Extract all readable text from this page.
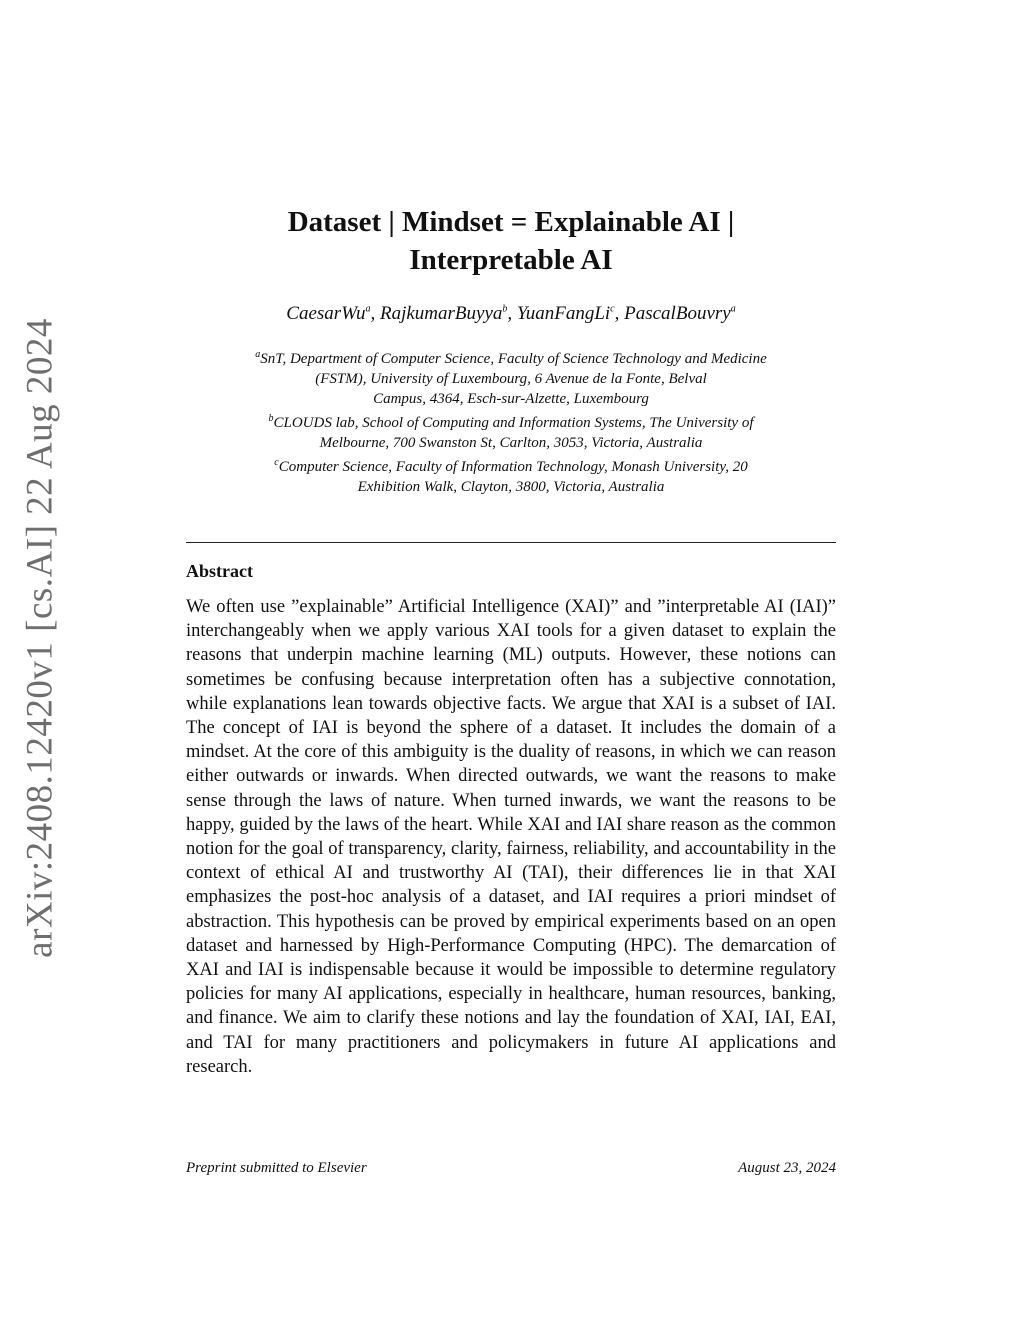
arXiv:2408.12420v1 [cs.AI] 22 Aug 2024
Dataset | Mindset = Explainable AI |
Interpretable AI
CaesarWu$^a$, RajkumarBuyya$^b$, YuanFangLi$^c$, PascalBouvry$^a$
$^a$SnT, Department of Computer Science, Faculty of Science Technology and Medicine
(FSTM), University of Luxembourg, 6 Avenue de la Fonte, Belval
Campus, 4364, Esch-sur-Alzette, Luxembourg
$^b$CLOUDS lab, School of Computing and Information Systems, The University of
Melbourne, 700 Swanston St, Carlton, 3053, Victoria, Australia
$^c$Computer Science, Faculty of Information Technology, Monash University, 20
Exhibition Walk, Clayton, 3800, Victoria, Australia
Abstract
We often use ”explainable” Artificial Intelligence (XAI)” and ”interpretable AI (IAI)” interchangeably when we apply various XAI tools for a given dataset to explain the reasons that underpin machine learning (ML) outputs. However, these notions can sometimes be confusing because interpretation often has a subjective connotation, while explanations lean towards objective facts. We argue that XAI is a subset of IAI. The concept of IAI is beyond the sphere of a dataset. It includes the domain of a mindset. At the core of this ambiguity is the duality of reasons, in which we can reason either outwards or inwards. When directed outwards, we want the reasons to make sense through the laws of nature. When turned inwards, we want the reasons to be happy, guided by the laws of the heart. While XAI and IAI share reason as the common notion for the goal of transparency, clarity, fairness, reliability, and accountability in the context of ethical AI and trustworthy AI (TAI), their differences lie in that XAI emphasizes the post-hoc analysis of a dataset, and IAI requires a priori mindset of abstraction. This hypothesis can be proved by empirical experiments based on an open dataset and harnessed by High-Performance Computing (HPC). The demarcation of XAI and IAI is indispensable because it would be impossible to determine regulatory policies for many AI applications, especially in healthcare, human resources, banking, and finance. We aim to clarify these notions and lay the foundation of XAI, IAI, EAI, and TAI for many practitioners and policymakers in future AI applications and research.
Preprint submitted to Elsevier	August 23, 2024
